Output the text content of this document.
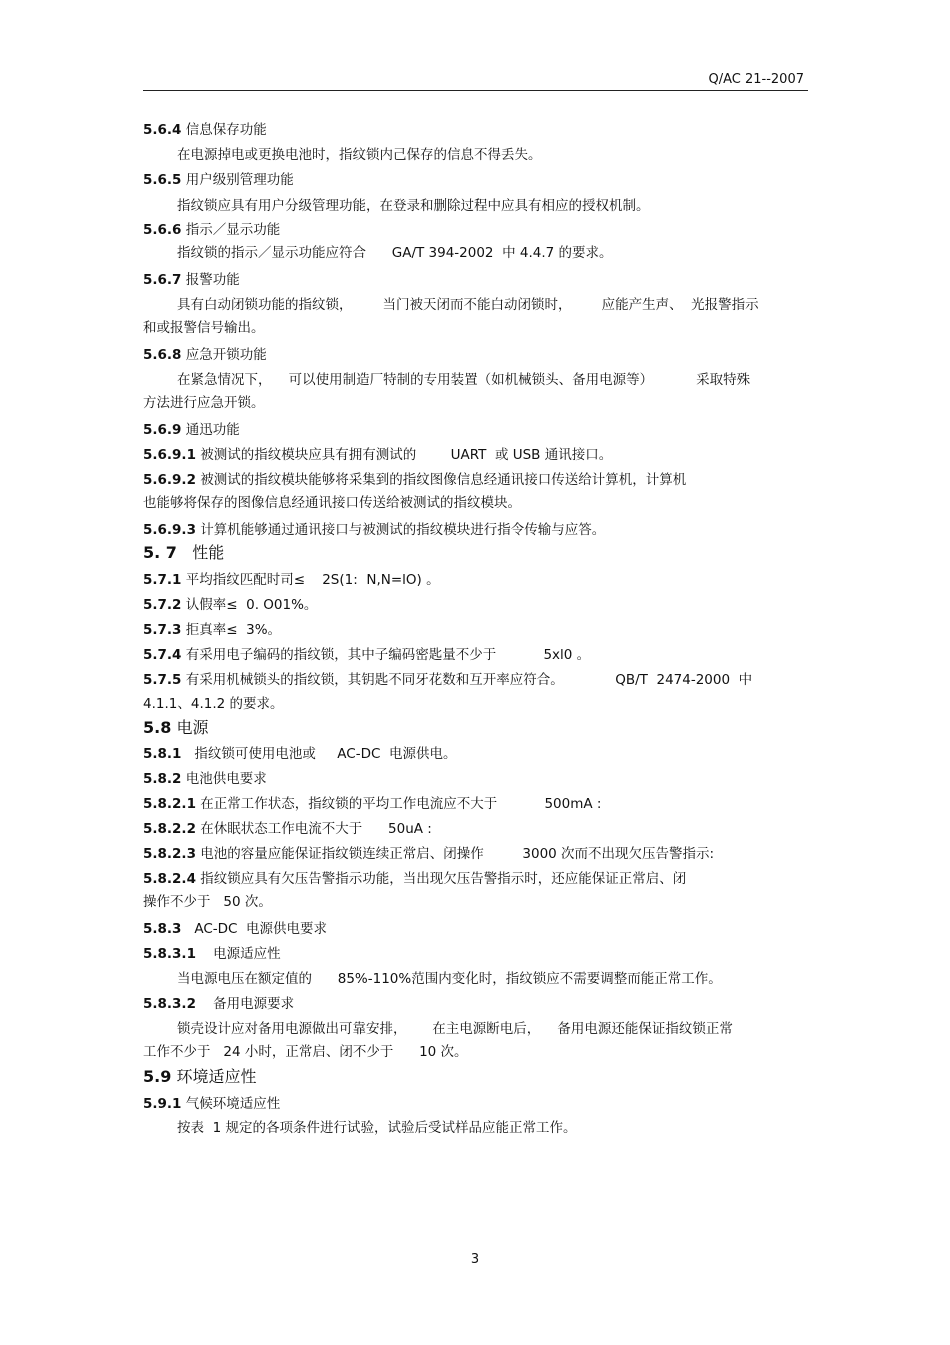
Q/AC 21--2007
5.6.4 信息保存功能
在电源掉电或更换电池时，指纹锁内己保存的信息不得丢失。
5.6.5 用户级别管理功能
指纹锁应具有用户分级管理功能，在登录和删除过程中应具有相应的授权机制。
5.6.6 指示／显示功能
指纹锁的指示／显示功能应符合      GA/T 394-2002  中 4.4.7 的要求。
5.6.7 报警功能
具有白动闭锁功能的指纹锁，       当门被天闭而不能白动闭锁时，       应能产生声、  光报警指示
和或报警信号输出。
5.6.8 应急开锁功能
在紧急情况下，    可以使用制造厂特制的专用装置（如机械锁头、备用电源等）          采取特殊
方法进行应急开锁。
5.6.9 通迅功能
5.6.9.1 被测试的指纹模块应具有拥有测试的        UART  或 USB 通讯接口。
5.6.9.2 被测试的指纹模块能够将采集到的指纹图像信息经通讯接口传送给计算机，计算机
也能够将保存的图像信息经通讯接口传送给被测试的指纹模块。
5.6.9.3 计算机能够通过通讯接口与被测试的指纹模块进行指令传输与应答。
5. 7   性能
5.7.1 平均指纹匹配时司≤    2S(1:  N,N=lO) 。
5.7.2 认假率≤  0. O01%。
5.7.3 拒真率≤  3%。
5.7.4 有采用电子编码的指纹锁，其中子编码密匙量不少于           5xl0 。
5.7.5 有采用机械锁头的指纹锁，其钥匙不同牙花数和互开率应符合。            QB/T  2474-2000  中
4.1.1、4.1.2 的要求。
5.8 电源
5.8.1   指纹锁可使用电池或     AC-DC  电源供电。
5.8.2 电池供电要求
5.8.2.1 在正常工作状态，指纹锁的平均工作电流应不大于           500mA :
5.8.2.2 在休眠状态工作电流不大于      50uA :
5.8.2.3 电池的容量应能保证指纹锁连续正常启、闭操作         3000 次而不出现欠压告警指示:
5.8.2.4 指纹锁应具有欠压告警指示功能，当出现欠压告警指示时，还应能保证正常启、闭
操作不少于   50 次。
5.8.3   AC-DC  电源供电要求
5.8.3.1    电源适应性
当电源电压在额定值的      85%-110%范围内变化时，指纹锁应不需要调整而能正常工作。
5.8.3.2    备用电源要求
锁壳设计应对备用电源做出可靠安排，      在主电源断电后，    备用电源还能保证指纹锁正常
工作不少于   24 小时，正常启、闭不少于      10 次。
5.9 环境适应性
5.9.1 气候环境适应性
按表  1 规定的各项条件进行试验，试验后受试样品应能正常工作。
3
